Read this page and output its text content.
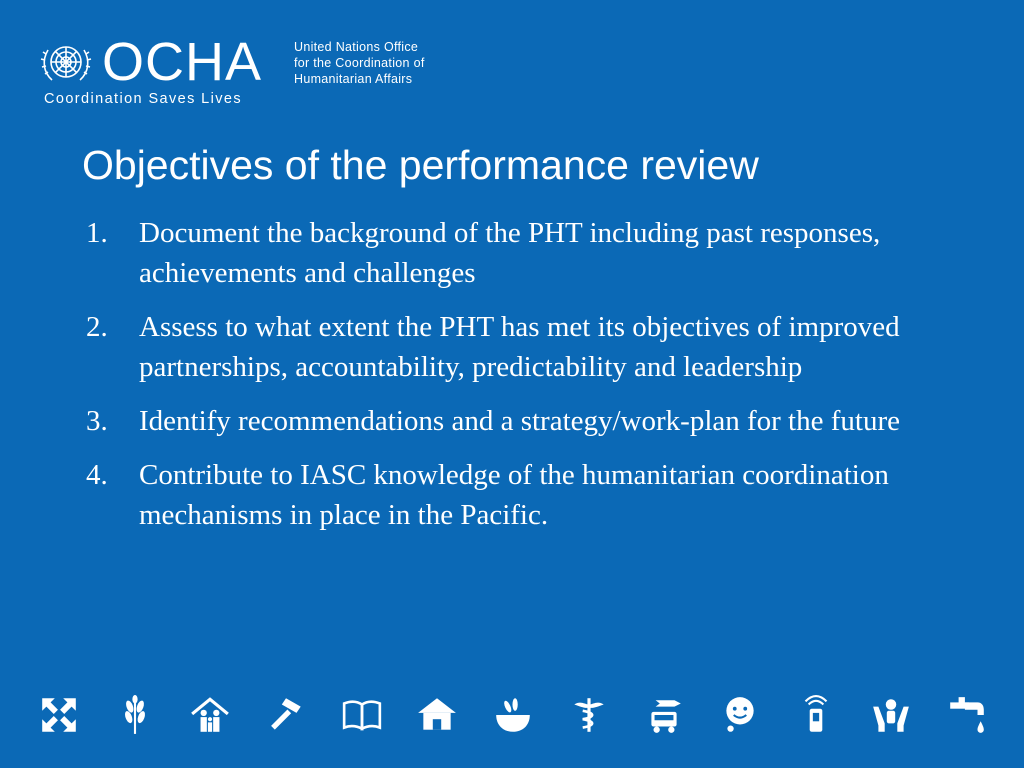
OCHA	United Nations Office
for the Coordination of
Humanitarian Affairs
Coordination Saves Lives
Objectives of the performance review
1. Document the background of the PHT including past responses, achievements and challenges
2. Assess to what extent the PHT has met its objectives of improved partnerships, accountability, predictability and leadership
3. Identify recommendations and a strategy/work-plan for the future
4. Contribute to IASC knowledge of the humanitarian coordination mechanisms in place in the Pacific.
